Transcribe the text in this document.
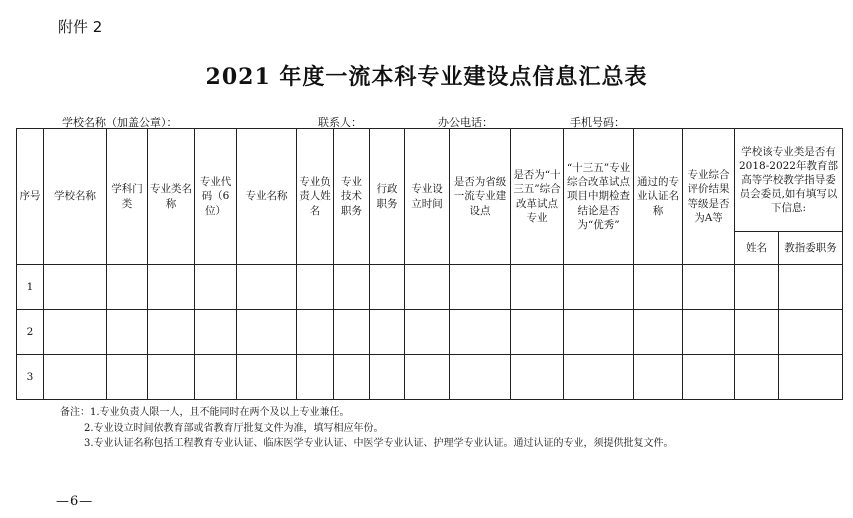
附件 2
2021 年度一流本科专业建设点信息汇总表
学校名称（加盖公章）：	联系人：	办公电话：	手机号码：
序号	学校名称	学科门类	专业类名 称	专业代码（6位）	专业名称	专业负责人姓名	专业技术职务	行政职务	专业设立时间	是否为省级一流专业建设点	是否为“十三五”综合改革试点专业	“十三五”专业综合改革试点项目中期检查结论是否为“优秀”	通过的专业认证名称	专业综合评价结果等级是否为A等	学校该专业类是否有2018-2022年教育部高等学校教学指导委员会委员,如有填写以下信息:	
															姓名	教指委职务
1																
2																
3																
备注：1.专业负责人限一人，且不能同时在两个及以上专业兼任。
2.专业设立时间依教育部或省教育厅批复文件为准，填写相应年份。
3.专业认证名称包括工程教育专业认证、临床医学专业认证、中医学专业认证、护理学专业认证。通过认证的专业，须提供批复文件。
—6—
